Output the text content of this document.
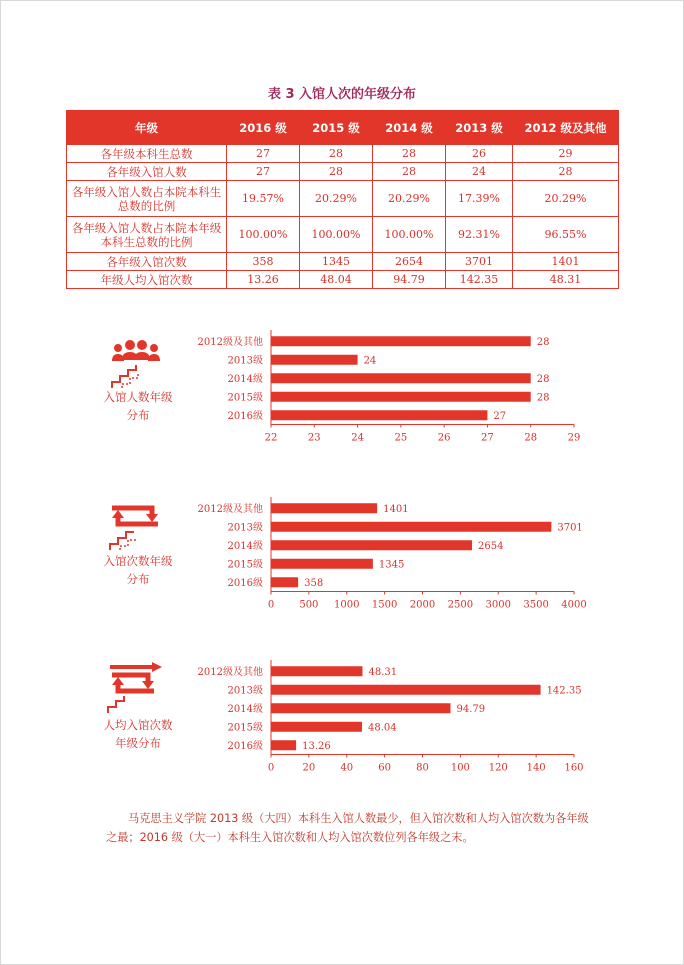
表 3 入馆人次的年级分布
年级	2016 级	2015 级	2014 级	2013 级	2012 级及其他
各年级本科生总数	27	28	28	26	29
各年级入馆人数	27	28	28	24	28
各年级入馆人数占本院本科生总数的比例	19.57%	20.29%	20.29%	17.39%	20.29%
各年级入馆人数占本院本年级本科生总数的比例	100.00%	100.00%	100.00%	92.31%	96.55%
各年级入馆次数	358	1345	2654	3701	1401
年级人均入馆次数	13.26	48.04	94.79	142.35	48.31
入馆人数年级分布
入馆次数年级分布
人均入馆次数年级分布
2012级及其他	28
2013级	24
2014级	28
2015级	28
2016级	27
22	23	24	25	26	27	28	29
2012级及其他	1401
2013级	3701
2014级	2654
2015级	1345
2016级	358
0	500 1000 1500 2000 2500 3000 3500 4000
2012级及其他	48.31
2013级	142.35
2014级	94.79
2015级	48.04
2016级	13.26
0	20	40	60	80 100 120 140 160
马克思主义学院 2013 级（大四）本科生入馆人数最少，但入馆次数和人均入馆次数为各年级之最；2016 级（大一）本科生入馆次数和人均入馆次数位列各年级之末。
